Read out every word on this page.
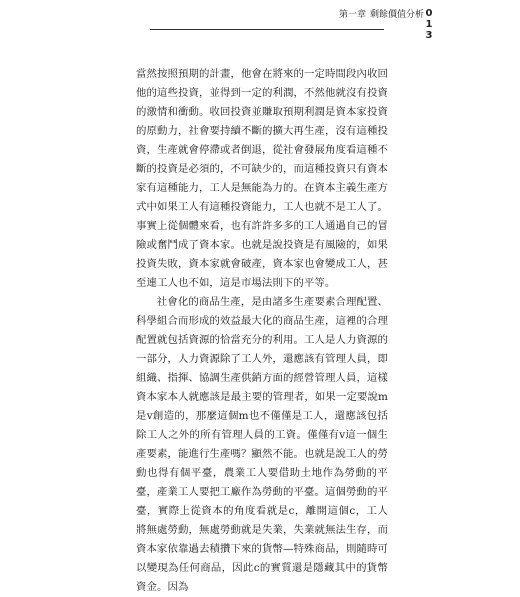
第一章 剩餘價值分析 0
1
3

當然按照預期的計畫，他會在將來的一定時間段內收回他的這些投資，並得到一定的利潤，不然他就沒有投資的激情和衝動。收回投資並賺取預期利潤是資本家投資的原動力，社會要持續不斷的擴大再生產，沒有這種投資，生產就會停滯或者倒退，從社會發展角度看這種不斷的投資是必須的，不可缺少的，而這種投資只有資本家有這種能力，工人是無能為力的。在資本主義生產方式中如果工人有這種投資能力，工人也就不是工人了。事實上從個體來看，也有許許多多的工人通過自己的冒險或奮鬥成了資本家。也就是說投資是有風險的，如果投資失敗，資本家就會破產，資本家也會變成工人，甚至連工人也不如，這是市場法則下的平等。

社會化的商品生產，是由諸多生產要素合理配置、科學組合而形成的效益最大化的商品生產，這裡的合理配置就包括資源的恰當充分的利用。工人是人力資源的一部分，人力資源除了工人外，還應該有管理人員，即組織、指揮、協調生產供銷方面的經營管理人員，這樣資本家本人就應該是最主要的管理者，如果一定要說m是v創造的，那麼這個m也不僅僅是工人，還應該包括除工人之外的所有管理人員的工資。僅僅有v這一個生產要素，能進行生產嗎？顯然不能。也就是說工人的勞動也得有個平臺，農業工人要借助土地作為勞動的平臺，產業工人要把工廠作為勞動的平臺。這個勞動的平臺，實際上從資本的角度看就是c，離開這個c，工人將無處勞動，無處勞動就是失業，失業就無法生存，而資本家依靠過去積攢下來的貨幣—特殊商品，則隨時可以變現為任何商品，因此c的實質還是隱藏其中的貨幣資金。因為
